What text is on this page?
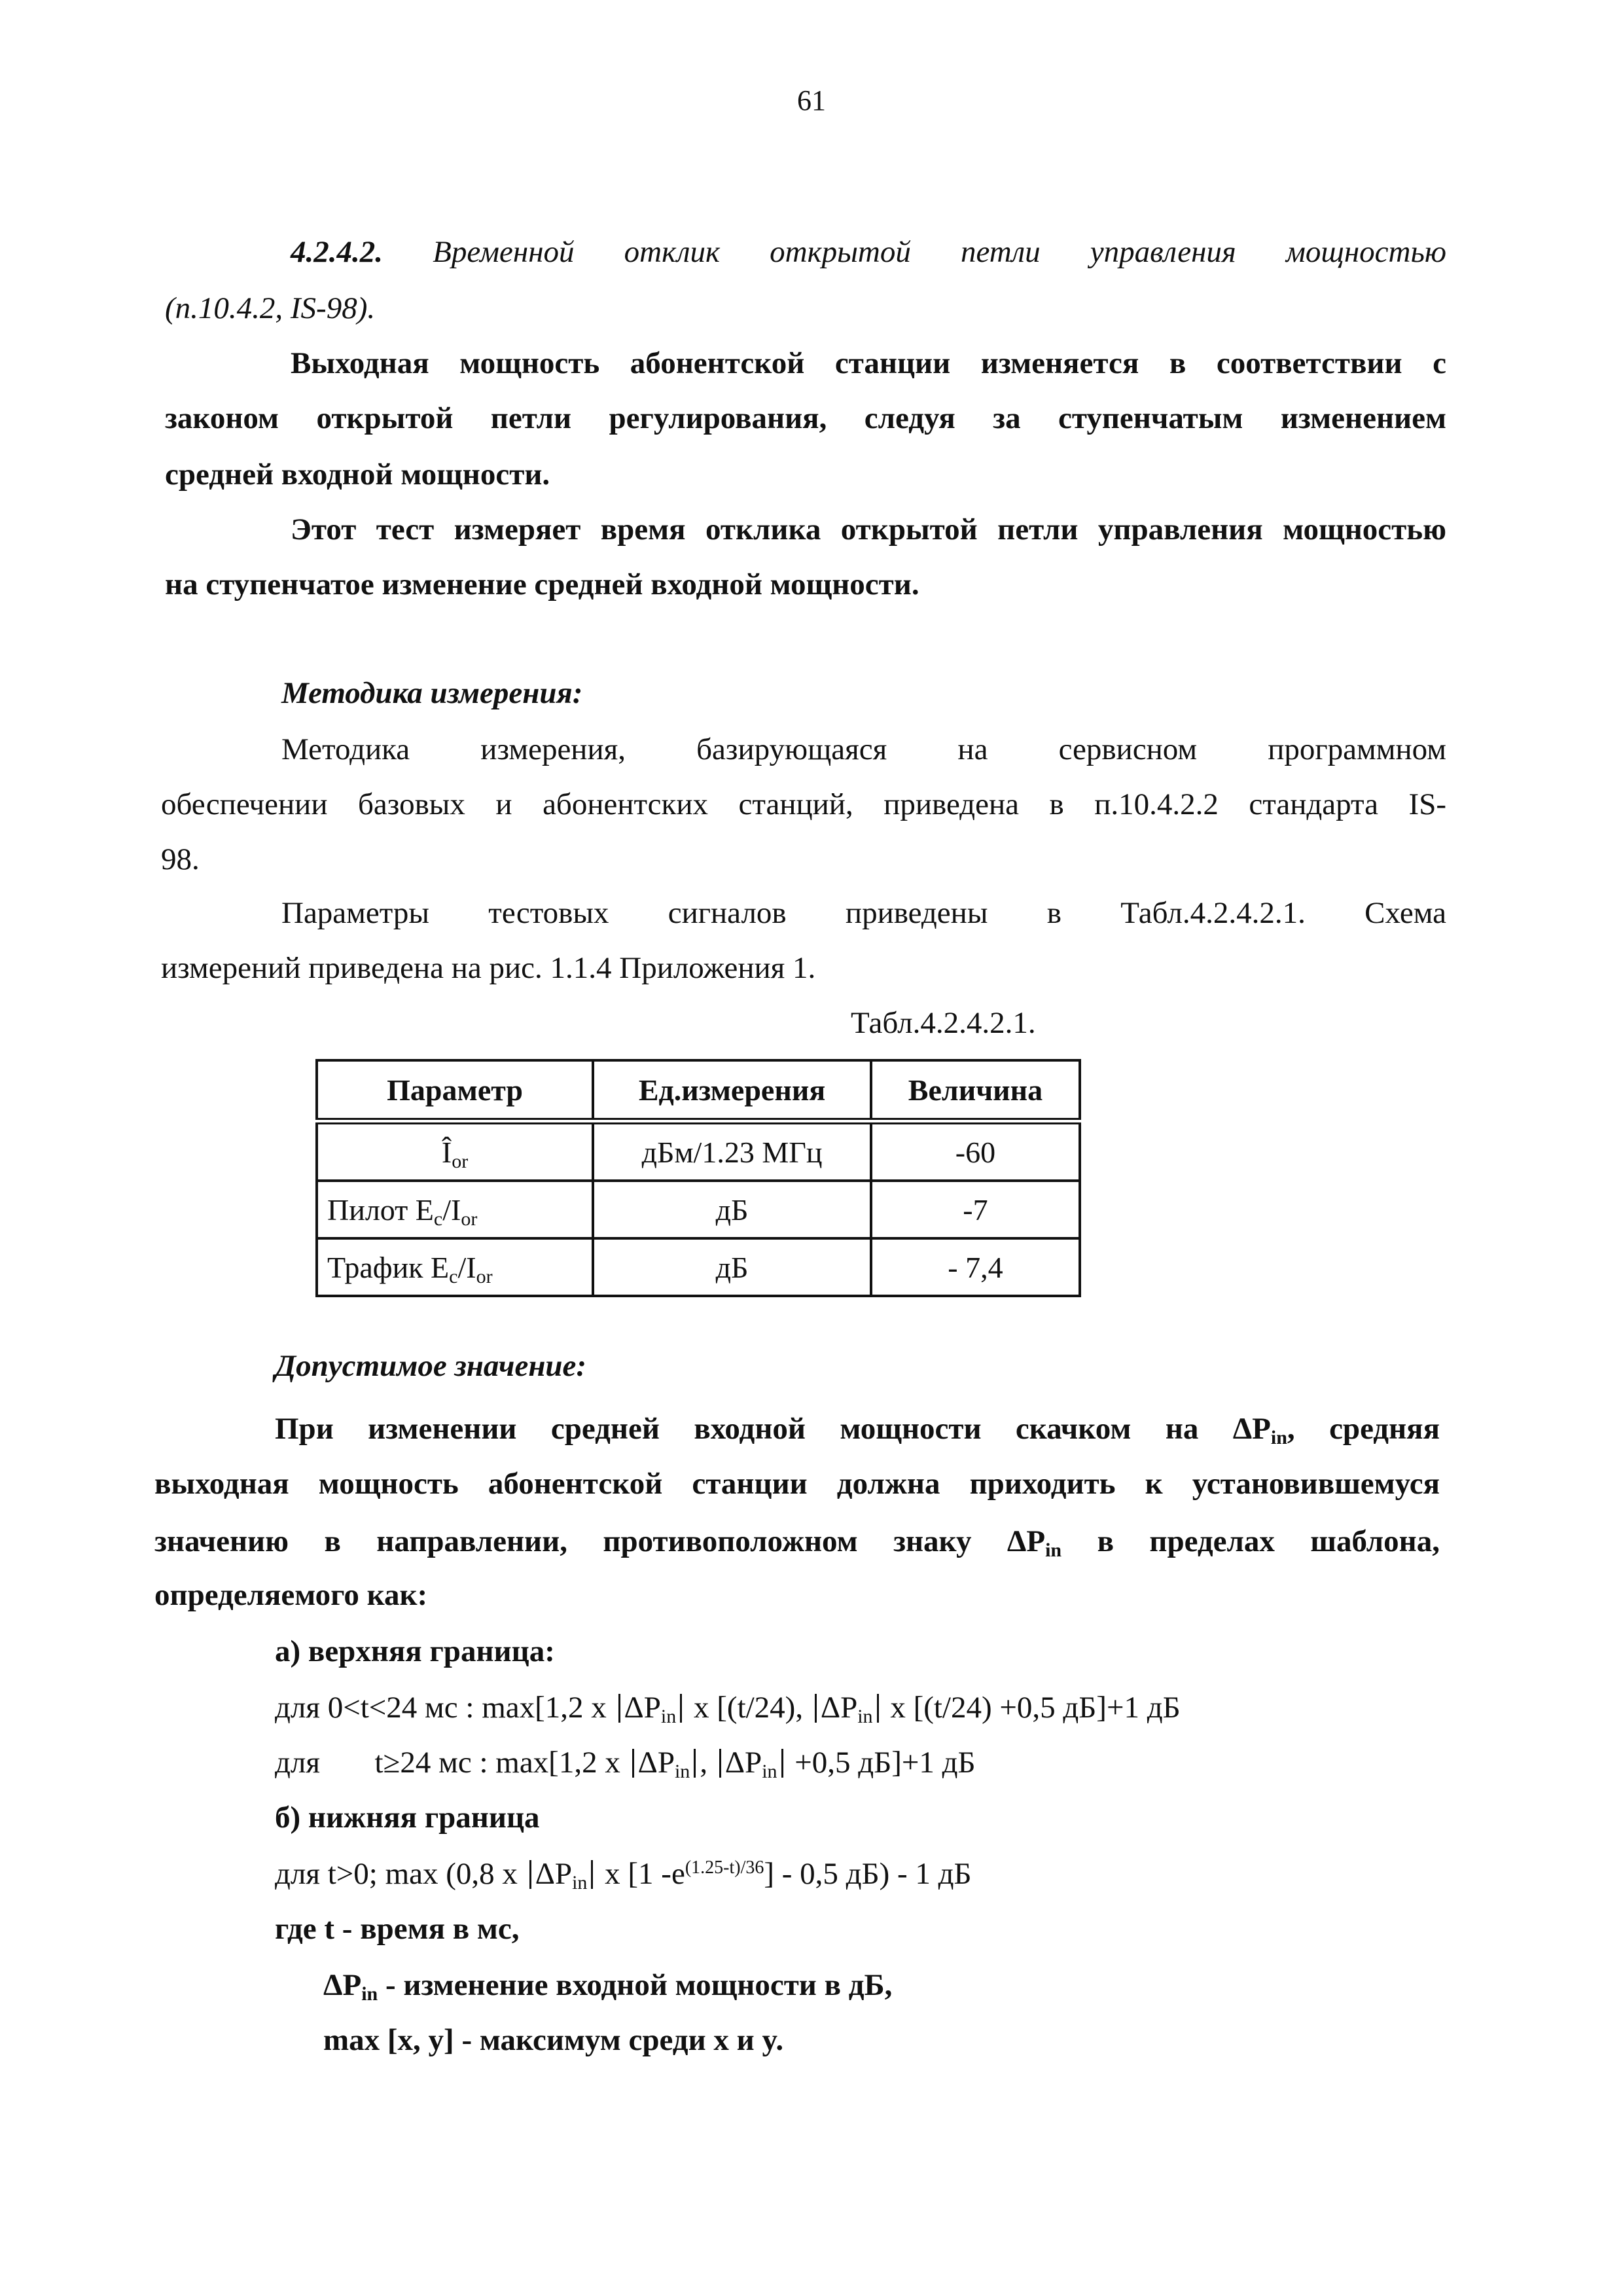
61
4.2.4.2. Временной отклик открытой петли управления мощностью
(п.10.4.2, IS-98).
Выходная мощность абонентской станции изменяется в соответствии с
законом открытой петли регулирования, следуя за ступенчатым изменением
средней входной мощности.
Этот тест измеряет время отклика открытой петли управления мощностью
на ступенчатое изменение средней входной мощности.
Методика измерения:
Методика измерения, базирующаяся на сервисном программном
обеспечении базовых и абонентских станций, приведена в п.10.4.2.2 стандарта IS-
98.
Параметры тестовых сигналов приведены в Табл.4.2.4.2.1. Схема
измерений приведена на рис. 1.1.4 Приложения 1.
Табл.4.2.4.2.1.
Параметр	Ед.измерения	Величина
$Î_{or}$	дБм/1.23 МГц	-60
Пилот $E_c/I_{or}$	дБ	-7
Трафик $E_c/I_{or}$	дБ	- 7,4
Допустимое значение:
При изменении средней входной мощности скачком на $\Delta P_{in}$, средняя
выходная мощность абонентской станции должна приходить к установившемуся
значению в направлении, противоположном знаку $\Delta P_{in}$ в пределах шаблона,
определяемого как:
а) верхняя граница:
для 0<t<24 мс : max[1,2 x $\Delta P_{in}$ x [(t/24), $\Delta P_{in}$ x [(t/24) +0,5 дБ]+1 дБ
для t≥24 мс : max[1,2 x $\Delta P_{in}$ , $\Delta P_{in} +0,5$ дБ]+1 дБ
б) нижняя граница
для t>0; max (0,8 x $\Delta P_{in}$ x [1 $-e^{(1.25-t)/36}] - 0,5$ дБ) - 1 дБ
где t - время в мс,
$\Delta P_{in}$ - изменение входной мощности в дБ,
max [x, y] - максимум среди x и y.
